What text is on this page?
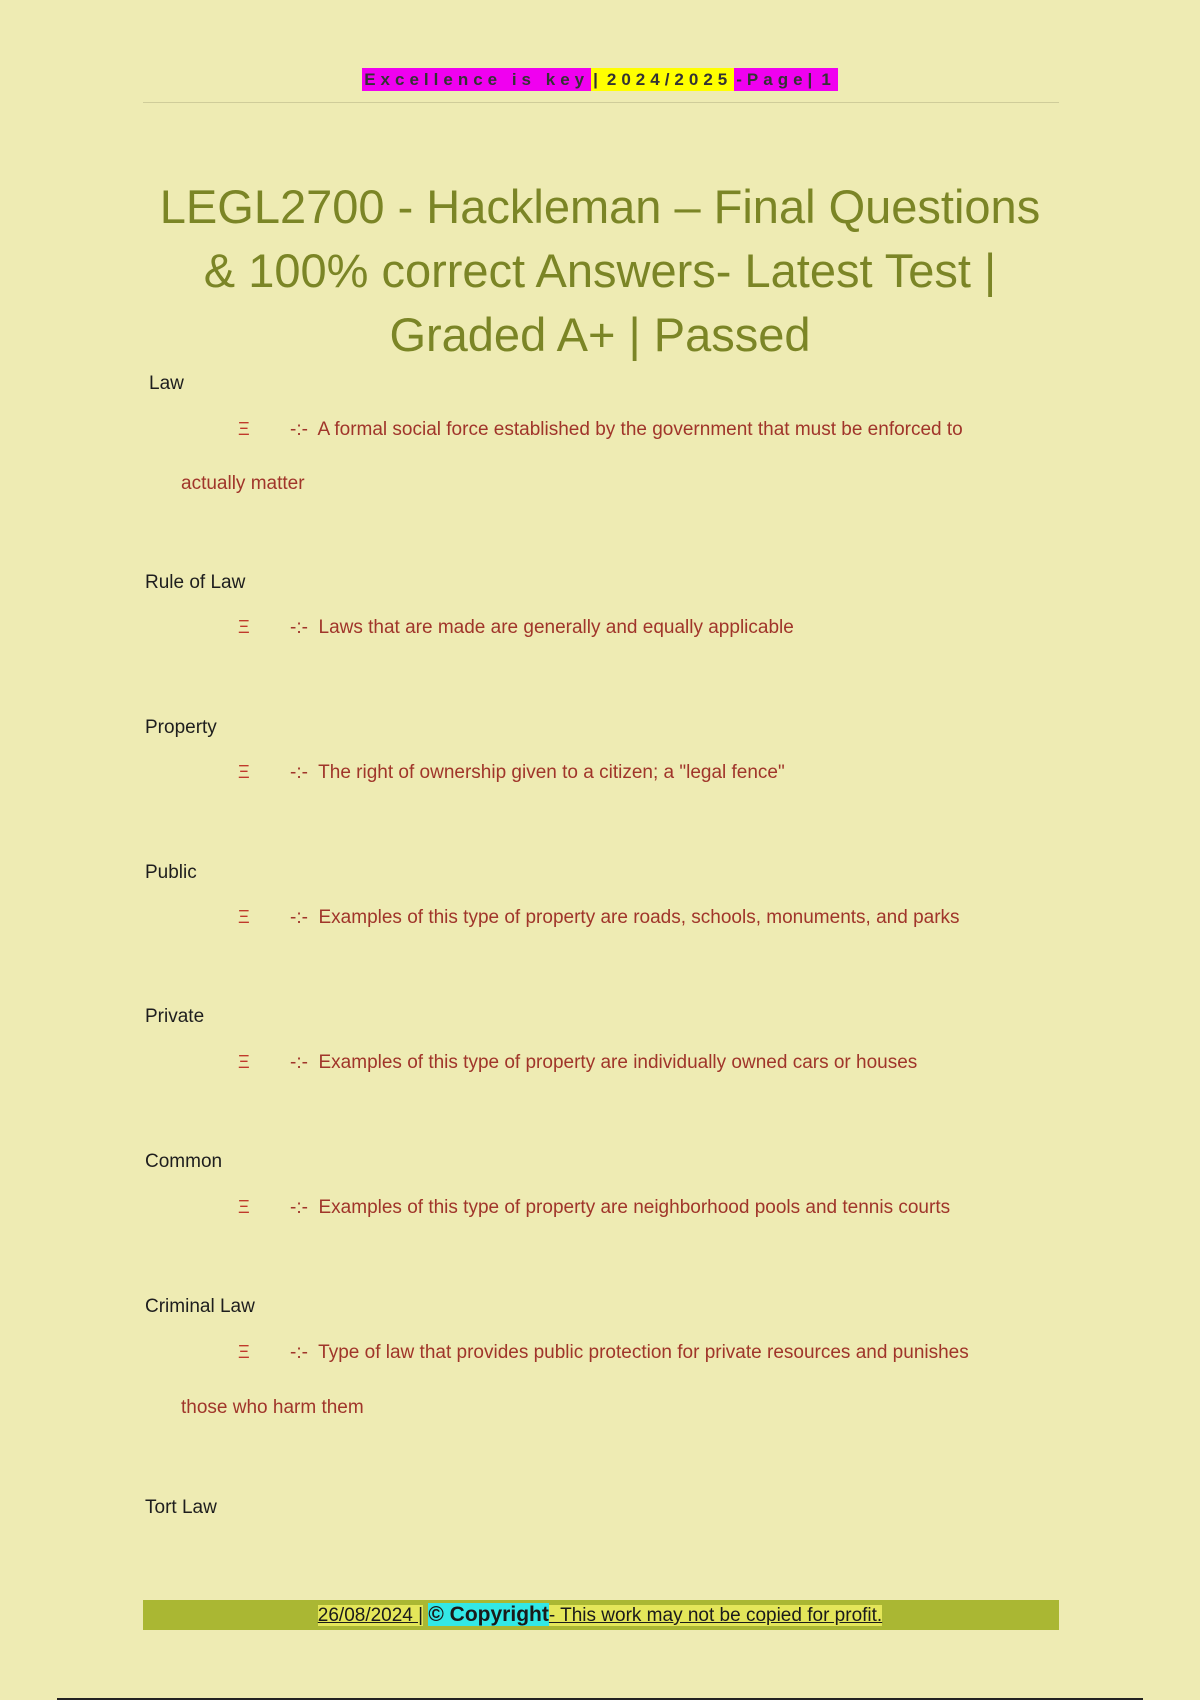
Excellence is key | 2024/2025 -Page| 1
LEGL2700 - Hackleman – Final Questions & 100% correct Answers- Latest Test | Graded A+ | Passed
Law
Ξ -:- A formal social force established by the government that must be enforced to
actually matter
Rule of Law
Ξ -:- Laws that are made are generally and equally applicable
Property
Ξ -:- The right of ownership given to a citizen; a "legal fence"
Public
Ξ -:- Examples of this type of property are roads, schools, monuments, and parks
Private
Ξ -:- Examples of this type of property are individually owned cars or houses
Common
Ξ -:- Examples of this type of property are neighborhood pools and tennis courts
Criminal Law
Ξ -:- Type of law that provides public protection for private resources and punishes
those who harm them
Tort Law
26/08/2024 | © Copyright- This work may not be copied for profit.
